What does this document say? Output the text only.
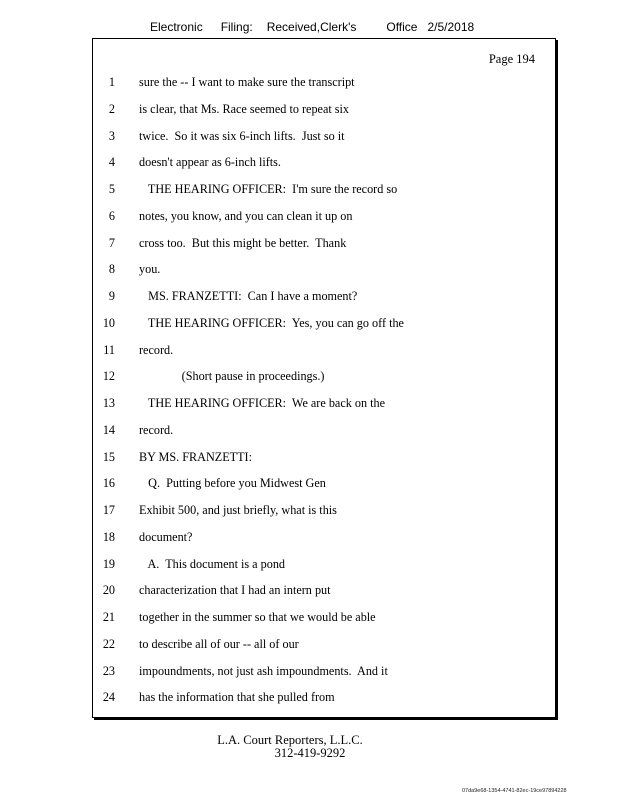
Electronic Filing: Received,Clerk's	Office 2/5/2018
Page 194
1 sure the -- I want to make sure the transcript
2 is clear, that Ms. Race seemed to repeat six
3 twice.  So it was six 6-inch lifts.  Just so it
4 doesn't appear as 6-inch lifts.
5 THE HEARING OFFICER:  I'm sure the record so
6 notes, you know, and you can clean it up on
7 cross too.  But this might be better.  Thank
8 you.
9 MS. FRANZETTI:  Can I have a moment?
10 THE HEARING OFFICER:  Yes, you can go off the
11 record.
12 (Short pause in proceedings.)
13 THE HEARING OFFICER:  We are back on the
14 record.
15 BY MS. FRANZETTI:
16 Q.  Putting before you Midwest Gen
17 Exhibit 500, and just briefly, what is this
18 document?
19 A.  This document is a pond
20 characterization that I had an intern put
21 together in the summer so that we would be able
22 to describe all of our -- all of our
23 impoundments, not just ash impoundments.  And it
24 has the information that she pulled from
L.A. Court Reporters, L.L.C.
312-419-9292
07da9e68-1354-4741-82ec-19ce97894228
